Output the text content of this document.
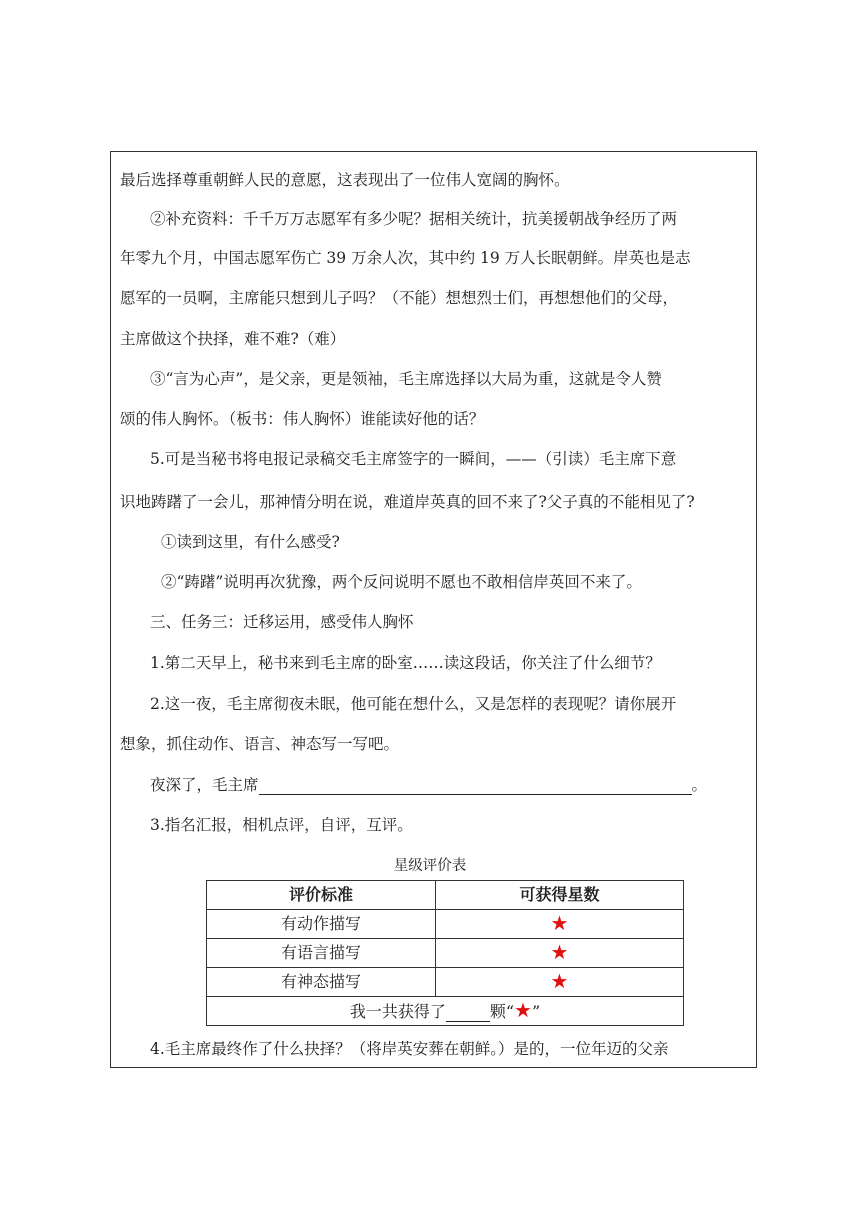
最后选择尊重朝鲜人民的意愿，这表现出了一位伟人宽阔的胸怀。
②补充资料：千千万万志愿军有多少呢？据相关统计，抗美援朝战争经历了两
年零九个月，中国志愿军伤亡 39 万余人次，其中约 19 万人长眠朝鲜。岸英也是志
愿军的一员啊，主席能只想到儿子吗？（不能）想想烈士们，再想想他们的父母，
主席做这个抉择，难不难?（难）
③“言为心声”，是父亲，更是领袖，毛主席选择以大局为重，这就是令人赞
颂的伟人胸怀。（板书：伟人胸怀）谁能读好他的话？
5.可是当秘书将电报记录稿交毛主席签字的一瞬间，——（引读）毛主席下意
识地踌躇了一会儿，那神情分明在说，难道岸英真的回不来了?父子真的不能相见了?
①读到这里，有什么感受?
②“踌躇”说明再次犹豫，两个反问说明不愿也不敢相信岸英回不来了。
三、任务三：迁移运用，感受伟人胸怀
1.第二天早上，秘书来到毛主席的卧室……读这段话，你关注了什么细节？
2.这一夜，毛主席彻夜未眠，他可能在想什么，又是怎样的表现呢？请你展开
想象，抓住动作、语言、神态写一写吧。
夜深了，毛主席	。
3.指名汇报，相机点评，自评，互评。
星级评价表
评价标准	可获得星数
有动作描写	★
有语言描写	★
有神态描写	★
我一共获得了 颗“★”	
4.毛主席最终作了什么抉择？（将岸英安葬在朝鲜。）是的，一位年迈的父亲
